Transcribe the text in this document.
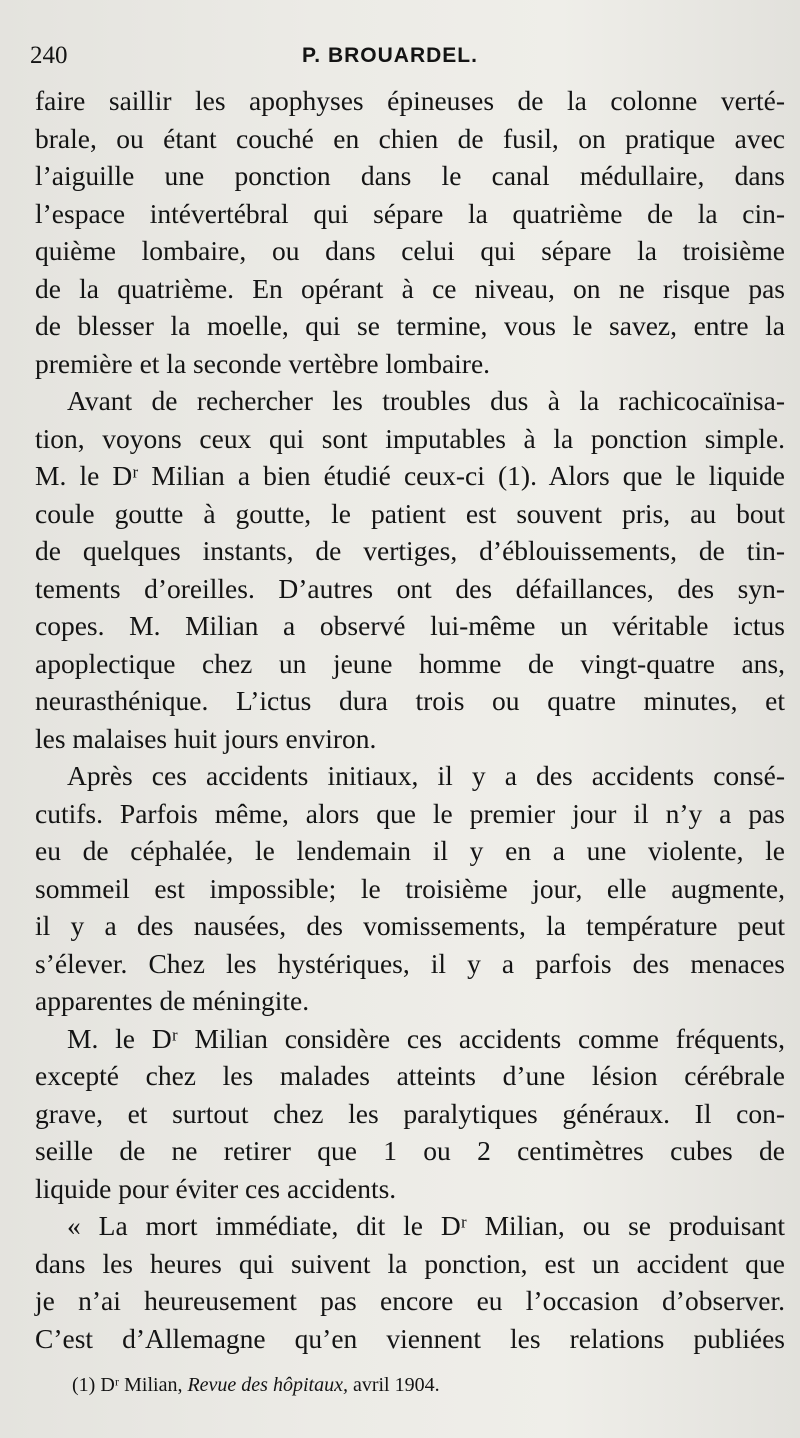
240	P. BROUARDEL.

faire saillir les apophyses épineuses de la colonne verté-
brale, ou étant couché en chien de fusil, on pratique avec
l’aiguille une ponction dans le canal médullaire, dans
l’espace intévertébral qui sépare la quatrième de la cin-
quième lombaire, ou dans celui qui sépare la troisième
de la quatrième. En opérant à ce niveau, on ne risque pas
de blesser la moelle, qui se termine, vous le savez, entre la
première et la seconde vertèbre lombaire.

Avant de rechercher les troubles dus à la rachicocaïnisa-
tion, voyons ceux qui sont imputables à la ponction simple.
M. le Dʳ Milian a bien étudié ceux-ci (1). Alors que le liquide
coule goutte à goutte, le patient est souvent pris, au bout
de quelques instants, de vertiges, d’éblouissements, de tin-
tements d’oreilles. D’autres ont des défaillances, des syn-
copes. M. Milian a observé lui-même un véritable ictus
apoplectique chez un jeune homme de vingt-quatre ans,
neurasthénique. L’ictus dura trois ou quatre minutes, et
les malaises huit jours environ.

Après ces accidents initiaux, il y a des accidents consé-
cutifs. Parfois même, alors que le premier jour il n’y a pas
eu de céphalée, le lendemain il y en a une violente, le
sommeil est impossible; le troisième jour, elle augmente,
il y a des nausées, des vomissements, la température peut
s’élever. Chez les hystériques, il y a parfois des menaces
apparentes de méningite.

M. le Dʳ Milian considère ces accidents comme fréquents,
excepté chez les malades atteints d’une lésion cérébrale
grave, et surtout chez les paralytiques généraux. Il con-
seille de ne retirer que 1 ou 2 centimètres cubes de
liquide pour éviter ces accidents.

« La mort immédiate, dit le Dʳ Milian, ou se produisant
dans les heures qui suivent la ponction, est un accident que
je n’ai heureusement pas encore eu l’occasion d’observer.
C’est d’Allemagne qu’en viennent les relations publiées

(1) Dʳ Milian, Revue des hôpitaux, avril 1904.
